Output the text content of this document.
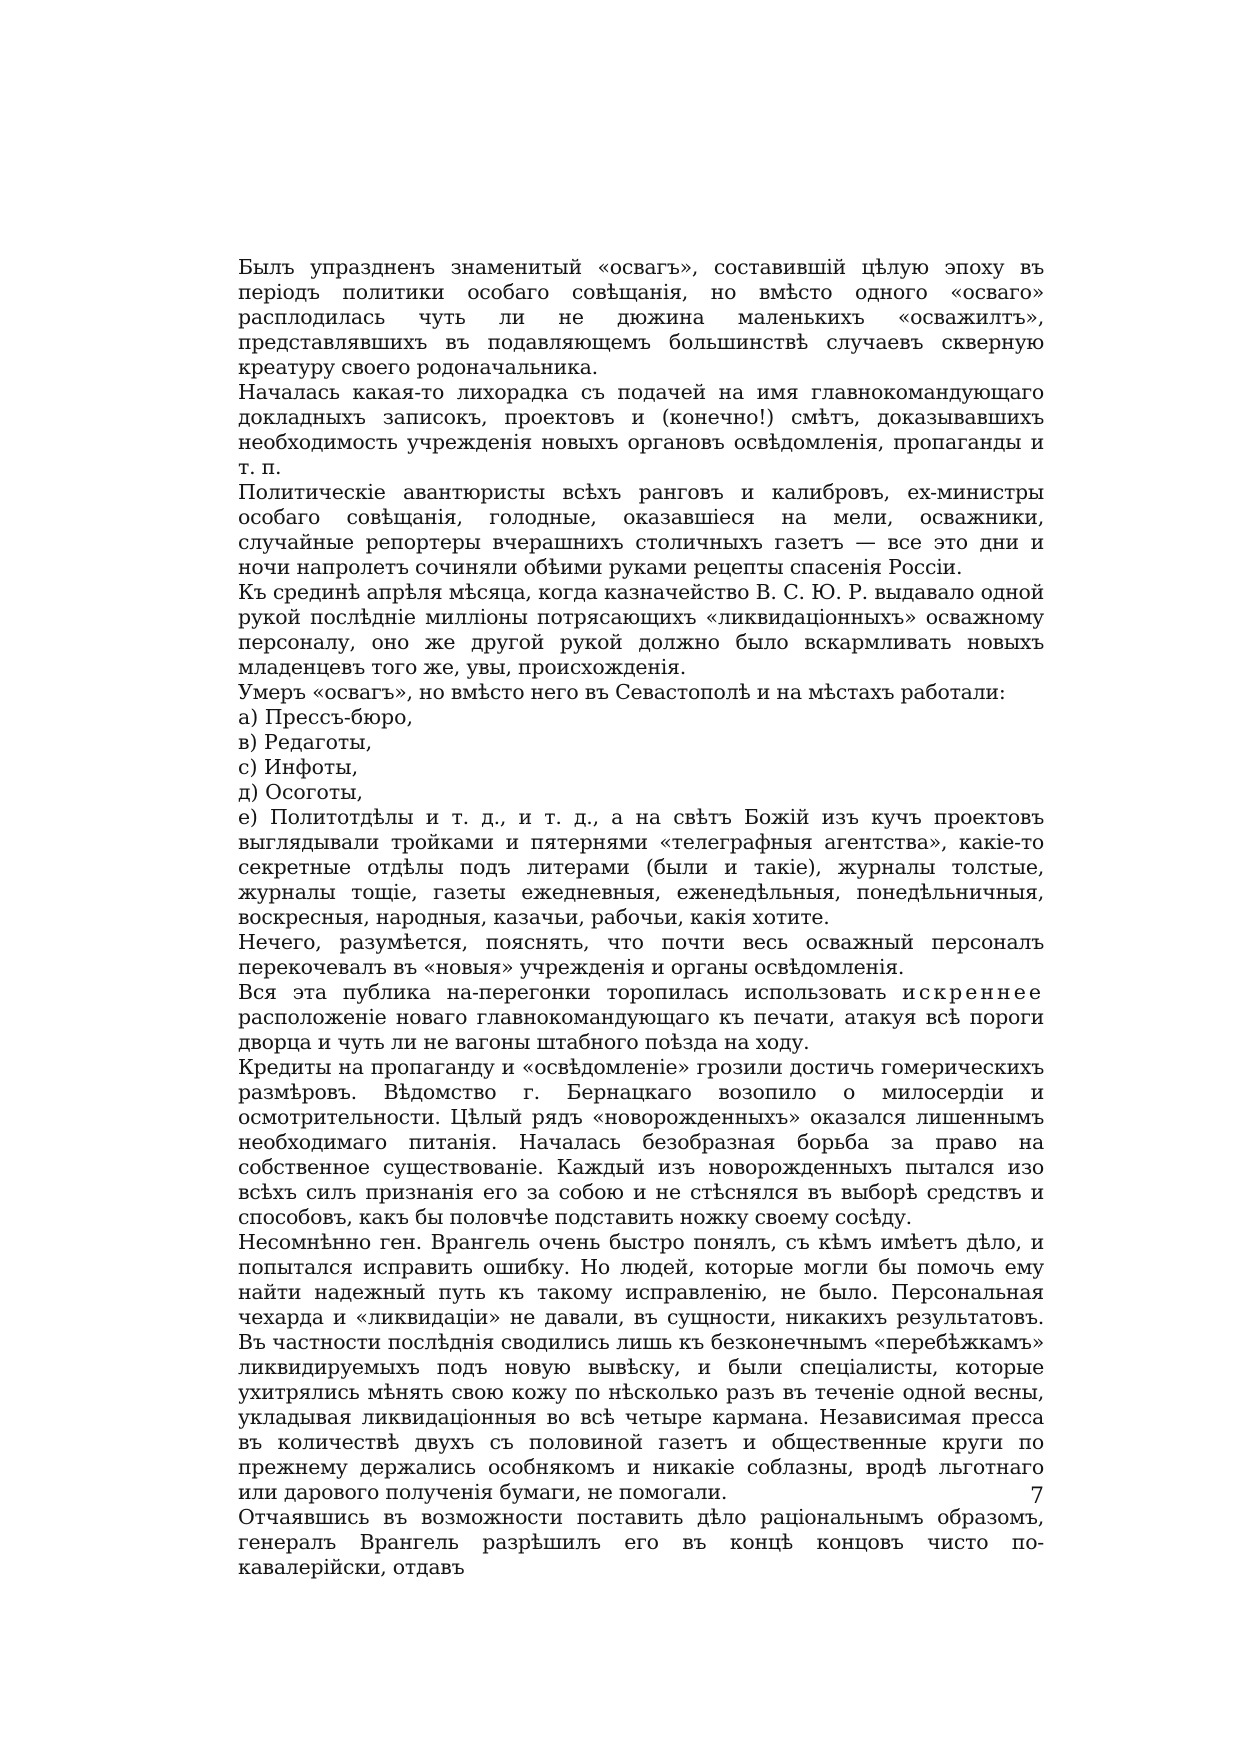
Былъ упраздненъ знаменитый «освагъ», составившій цѣлую эпоху въ періодъ политики особаго совѣщанія, но вмѣсто одного «осваго» расплодилась чуть ли не дюжина маленькихъ «осважилтъ», представлявшихъ въ подавляющемъ большинствѣ случаевъ скверную креатуру своего родоначальника.

Началась какая-то лихорадка съ подачей на имя главнокомандующаго докладныхъ записокъ, проектовъ и (конечно!) смѣтъ, доказывавшихъ необходимость учрежденія новыхъ органовъ освѣдомленія, пропаганды и т. п.

Политическіе авантюристы всѣхъ ранговъ и калибровъ, ex-министры особаго совѣщанія, голодные, оказавшіеся на мели, осважники, случайные репортеры вчерашнихъ столичныхъ газетъ — все это дни и ночи напролетъ сочиняли обѣими руками рецепты спасенія Россіи.

Къ срединѣ апрѣля мѣсяца, когда казначейство В. С. Ю. Р. выдавало одной рукой послѣдніе милліоны потрясающихъ «ликвидаціонныхъ» осважному персоналу, оно же другой рукой должно было вскармливать новыхъ младенцевъ того же, увы, происхожденія.

Умеръ «освагъ», но вмѣсто него въ Севастополѣ и на мѣстахъ работали:

а) Прессъ-бюро,

в) Редаготы,

с) Инфоты,

д) Осоготы,

е) Политотдѣлы и т. д., и т. д., а на свѣтъ Божій изъ кучъ проектовъ выглядывали тройками и пятернями «телеграфныя агентства», какіе-то секретные отдѣлы подъ литерами (были и такіе), журналы толстые, журналы тощіе, газеты ежедневныя, еженедѣльныя, понедѣльничныя, воскресныя, народныя, казачьи, рабочьи, какія хотите.

Нечего, разумѣется, пояснять, что почти весь осважный персоналъ перекочевалъ въ «новыя» учрежденія и органы освѣдомленія.

Вся эта публика на-перегонки торопилась использовать искреннее расположеніе новаго главнокомандующаго къ печати, атакуя всѣ пороги дворца и чуть ли не вагоны штабного поѣзда на ходу.

Кредиты на пропаганду и «освѣдомленіе» грозили достичь гомерическихъ размѣровъ. Вѣдомство г. Бернацкаго возопило о милосердіи и осмотрительности. Цѣлый рядъ «новорожденныхъ» оказался лишеннымъ необходимаго питанія. Началась безобразная борьба за право на собственное существованіе. Каждый изъ новорожденныхъ пытался изо всѣхъ силъ признанія его за собою и не стѣснялся въ выборѣ средствъ и способовъ, какъ бы половчѣе подставить ножку своему сосѣду.

Несомнѣнно ген. Врангель очень быстро понялъ, съ кѣмъ имѣетъ дѣло, и попытался исправить ошибку. Но людей, которые могли бы помочь ему найти надежный путь къ такому исправленію, не было. Персональная чехарда и «ликвидаціи» не давали, въ сущности, никакихъ результатовъ. Въ частности послѣднія сводились лишь къ безконечнымъ «перебѣжкамъ» ликвидируемыхъ подъ новую вывѣску, и были спеціалисты, которые ухитрялись мѣнять свою кожу по нѣсколько разъ въ теченіе одной весны, укладывая ликвидаціонныя во всѣ четыре кармана. Независимая пресса въ количествѣ двухъ съ половиной газетъ и общественные круги по прежнему держались особнякомъ и никакіе соблазны, вродѣ льготнаго или дарового полученія бумаги, не помогали.

Отчаявшись въ возможности поставить дѣло раціональнымъ образомъ, генералъ Врангель разрѣшилъ его въ концѣ концовъ чисто по-кавалерійски, отдавъ

7
